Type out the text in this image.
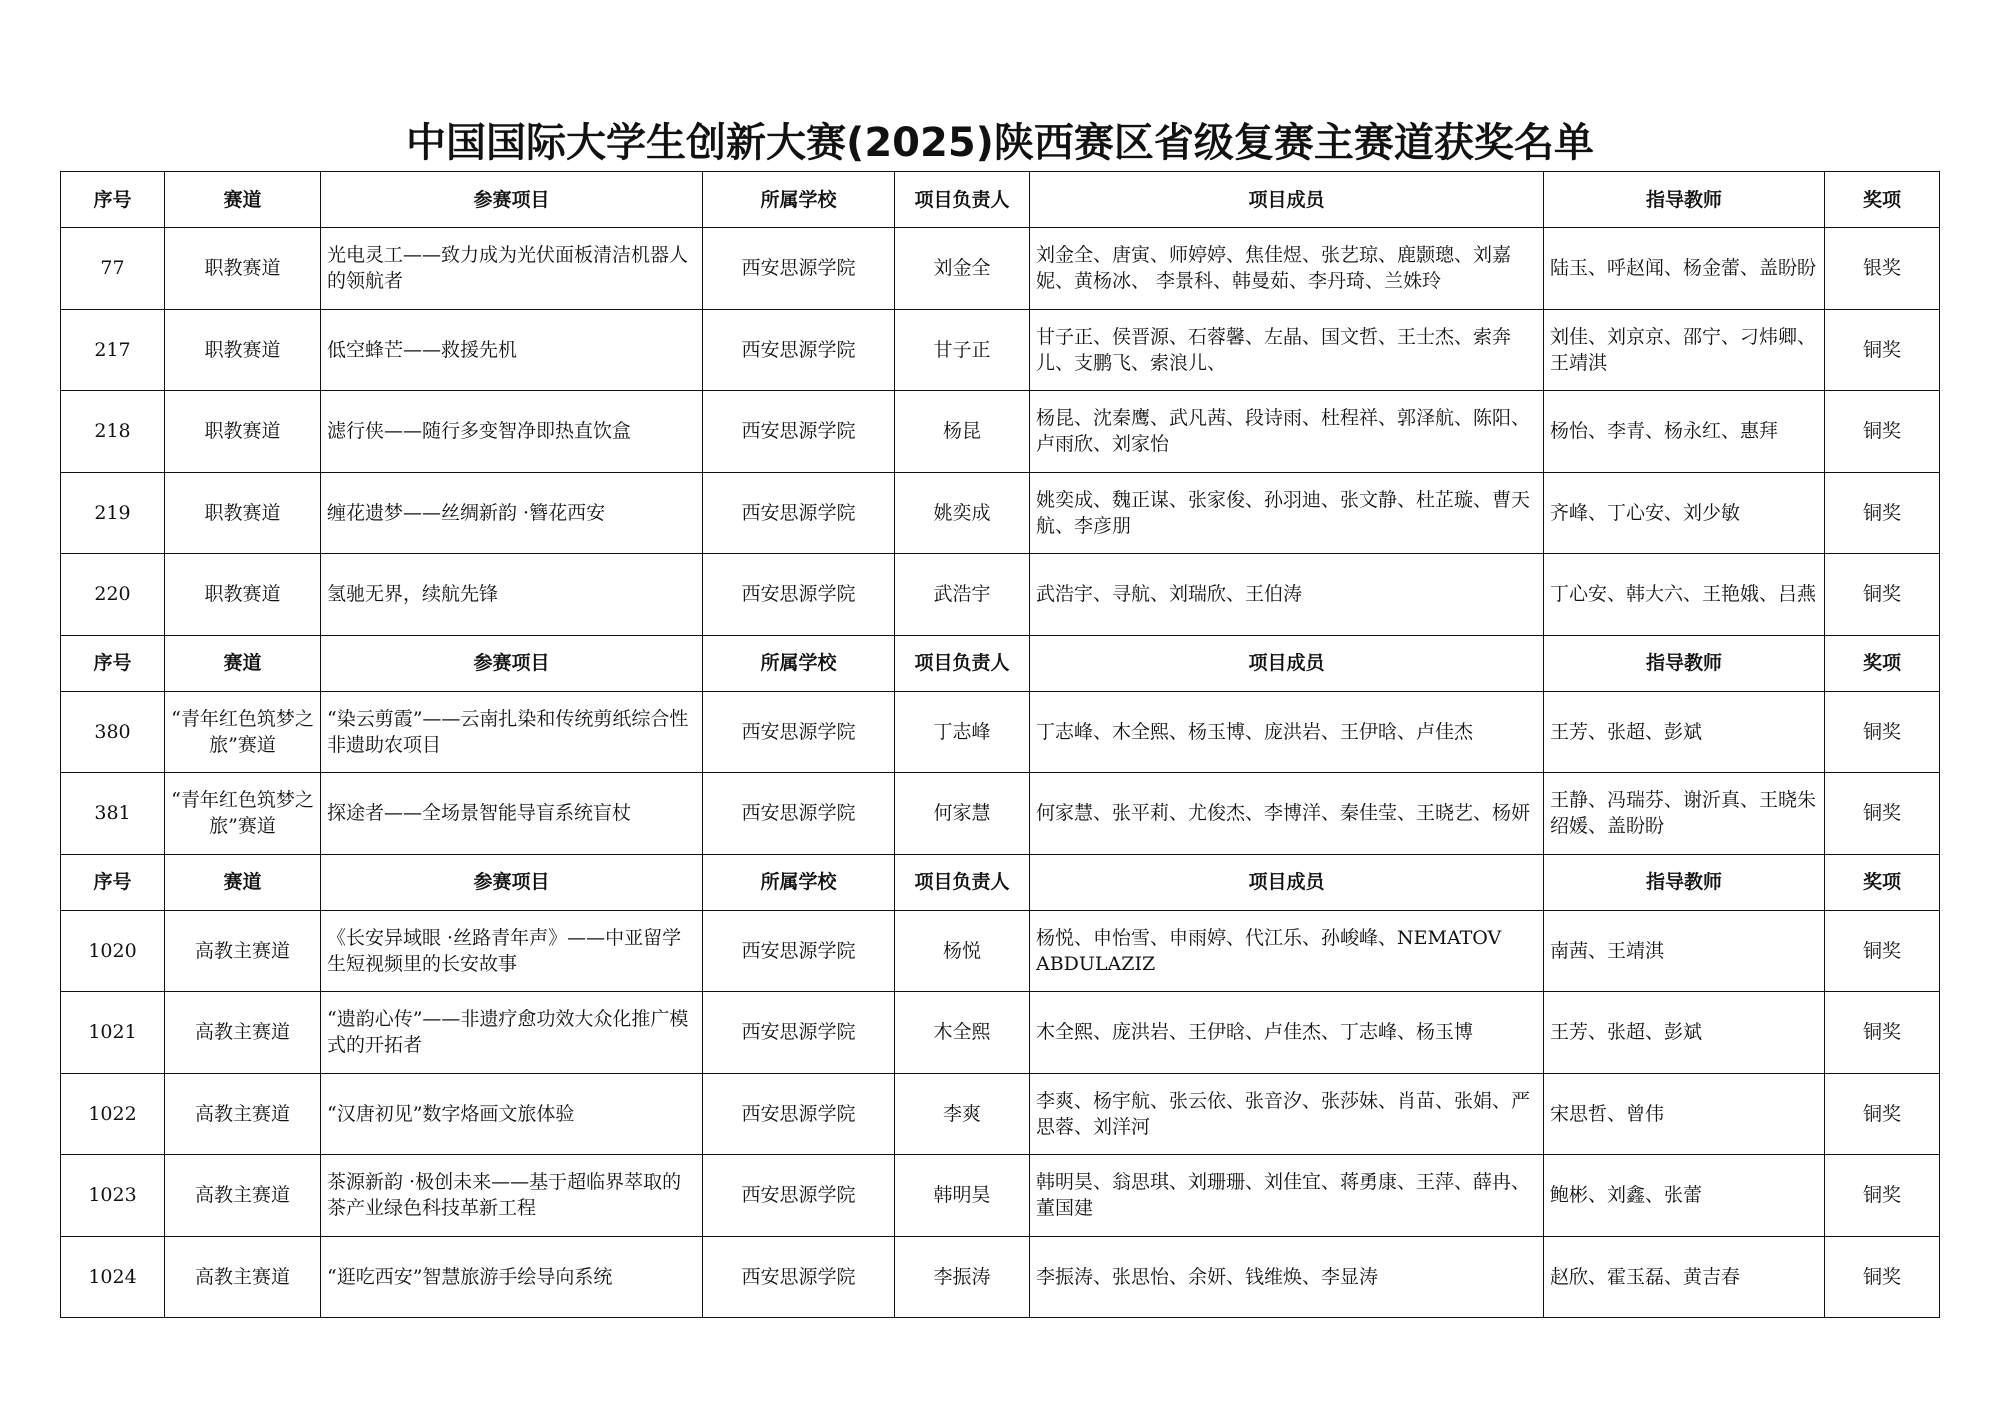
中国国际大学生创新大赛(2025)陕西赛区省级复赛主赛道获奖名单
序号	赛道	参赛项目	所属学校	项目负责人	项目成员	指导教师	奖项
77	职教赛道	光电灵工——致力成为光伏面板清洁机器人的领航者	西安思源学院	刘金全	刘金全、唐寅、师婷婷、焦佳煜、张艺琼、鹿颢璁、刘嘉妮、黄杨冰、 李景科、韩曼茹、李丹琦、兰姝玲	陆玉、呼赵闻、杨金蕾、盖盼盼	银奖
217	职教赛道	低空蜂芒——救援先机	西安思源学院	甘子正	甘子正、侯晋源、石蓉馨、左晶、国文哲、王士杰、索奔儿、支鹏飞、索浪儿、	刘佳、刘京京、邵宁、刁炜卿、王靖淇	铜奖
218	职教赛道	滤行侠——随行多变智净即热直饮盒	西安思源学院	杨昆	杨昆、沈秦鹰、武凡茜、段诗雨、杜程祥、郭泽航、陈阳、卢雨欣、刘家怡	杨怡、李青、杨永红、惠拜	铜奖
219	职教赛道	缠花遗梦——丝绸新韵 ·簪花西安	西安思源学院	姚奕成	姚奕成、魏正谋、张家俊、孙羽迪、张文静、杜芷璇、曹天航、李彦朋	齐峰、丁心安、刘少敏	铜奖
220	职教赛道	氢驰无界，续航先锋	西安思源学院	武浩宇	武浩宇、寻航、刘瑞欣、王伯涛	丁心安、韩大六、王艳娥、吕燕	铜奖
序号	赛道	参赛项目	所属学校	项目负责人	项目成员	指导教师	奖项
380	“青年红色筑梦之旅”赛道	“染云剪霞”——云南扎染和传统剪纸综合性非遗助农项目	西安思源学院	丁志峰	丁志峰、木全熙、杨玉博、庞洪岩、王伊晗、卢佳杰	王芳、张超、彭斌	铜奖
381	“青年红色筑梦之旅”赛道	探途者——全场景智能导盲系统盲杖	西安思源学院	何家慧	何家慧、张平莉、尤俊杰、李博洋、秦佳莹、王晓艺、杨妍	王静、冯瑞芬、谢沂真、王晓朱绍媛、盖盼盼	铜奖
序号	赛道	参赛项目	所属学校	项目负责人	项目成员	指导教师	奖项
1020	高教主赛道	《长安异域眼 ·丝路青年声》——中亚留学生短视频里的长安故事	西安思源学院	杨悦	杨悦、申怡雪、申雨婷、代江乐、孙峻峰、NEMATOV ABDULAZIZ	南茜、王靖淇	铜奖
1021	高教主赛道	“遗韵心传”——非遗疗愈功效大众化推广模式的开拓者	西安思源学院	木全熙	木全熙、庞洪岩、王伊晗、卢佳杰、丁志峰、杨玉博	王芳、张超、彭斌	铜奖
1022	高教主赛道	“汉唐初见”数字烙画文旅体验	西安思源学院	李爽	李爽、杨宇航、张云依、张音汐、张莎妹、肖苗、张娟、严思蓉、刘洋河	宋思哲、曾伟	铜奖
1023	高教主赛道	茶源新韵 ·极创未来——基于超临界萃取的茶产业绿色科技革新工程	西安思源学院	韩明昊	韩明昊、翁思琪、刘珊珊、刘佳宜、蒋勇康、王萍、薛冉、董国建	鲍彬、刘鑫、张蕾	铜奖
1024	高教主赛道	“逛吃西安”智慧旅游手绘导向系统	西安思源学院	李振涛	李振涛、张思怡、余妍、钱维焕、李显涛	赵欣、霍玉磊、黄吉春	铜奖
